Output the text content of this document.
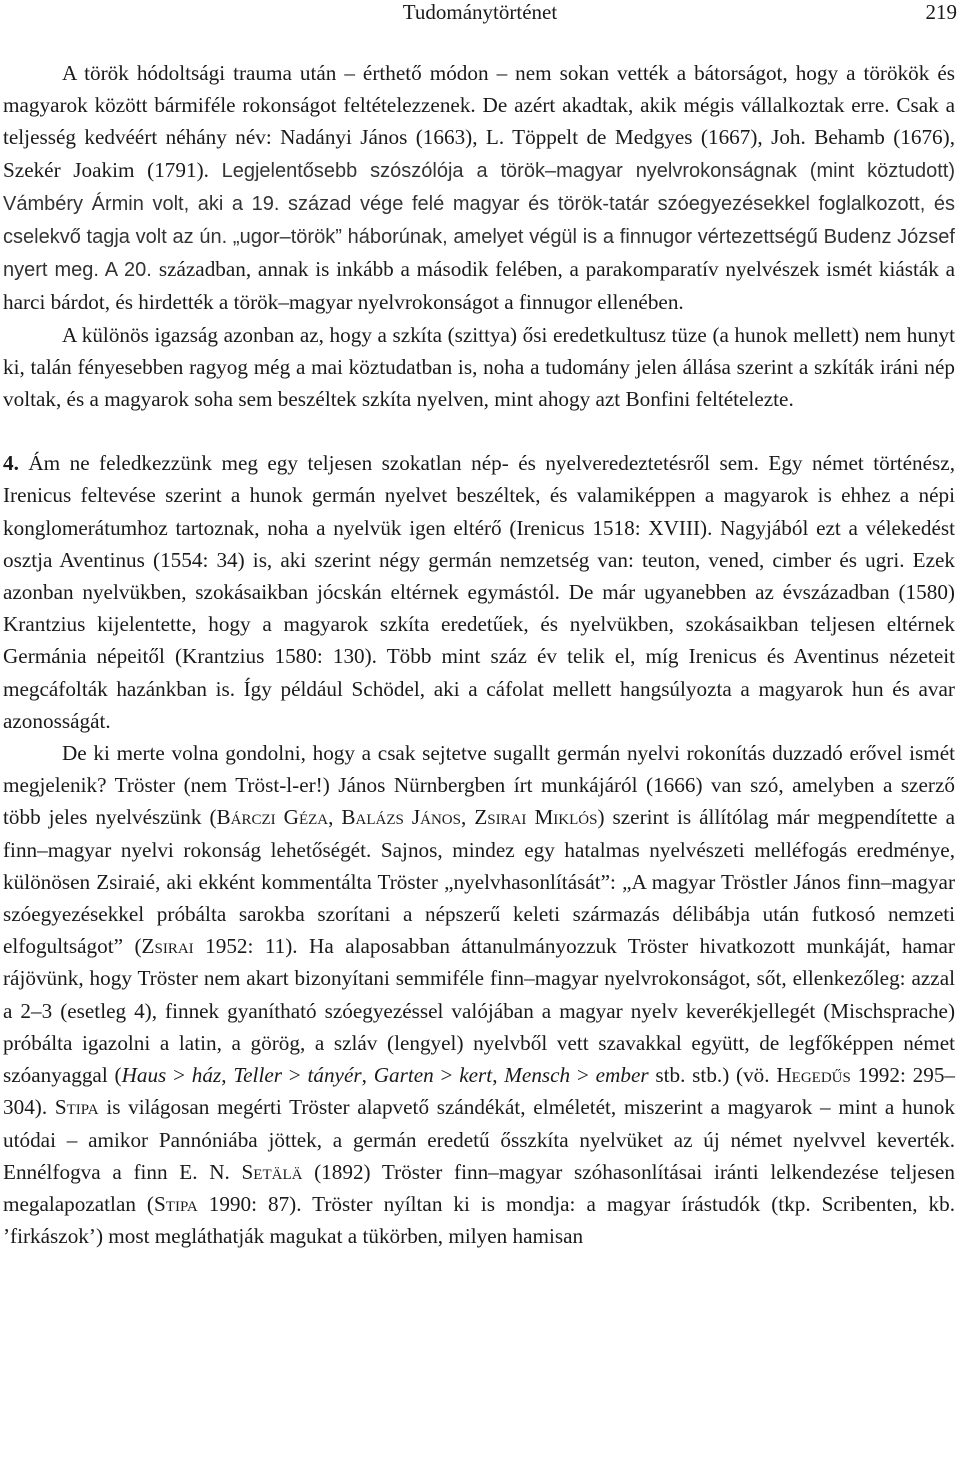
Tudománytörténet	219

A török hódoltsági trauma után – érthető módon – nem sokan vették a bátorságot, hogy a törökök és magyarok között bármiféle rokonságot feltételezzenek. De azért akadtak, akik mégis vállalkoztak erre. Csak a teljesség kedvéért néhány név: Nadányi János (1663), L. Töppelt de Medgyes (1667), Joh. Behamb (1676), Szekér Joakim (1791). Legjelentősebb szószólója a török–magyar nyelvrokonságnak (mint köztudott) Vámbéry Ármin volt, aki a 19. század vége felé magyar és török-tatár szóegyezésekkel foglalkozott, és cselekvő tagja volt az ún. „ugor–török” háborúnak, amelyet végül is a finnugor vértezettségű Budenz József nyert meg. A 20. században, annak is inkább a második felében, a parakomparatív nyelvészek ismét kiásták a harci bárdot, és hirdették a török–magyar nyelvrokonságot a finnugor ellenében.

A különös igazság azonban az, hogy a szkíta (szittya) ősi eredetkultusz tüze (a hunok mellett) nem hunyt ki, talán fényesebben ragyog még a mai köztudatban is, noha a tudomány jelen állása szerint a szkíták iráni nép voltak, és a magyarok soha sem beszéltek szkíta nyelven, mint ahogy azt Bonfini feltételezte.

4. Ám ne feledkezzünk meg egy teljesen szokatlan nép- és nyelveredeztetésről sem. Egy német történész, Irenicus feltevése szerint a hunok germán nyelvet beszéltek, és valamiképpen a magyarok is ehhez a népi konglomerátumhoz tartoznak, noha a nyelvük igen eltérő (Irenicus 1518: XVIII). Nagyjából ezt a vélekedést osztja Aventinus (1554: 34) is, aki szerint négy germán nemzetség van: teuton, vened, cimber és ugri. Ezek azonban nyelvükben, szokásaikban jócskán eltérnek egymástól. De már ugyanebben az évszázadban (1580) Krantzius kijelentette, hogy a magyarok szkíta eredetűek, és nyelvükben, szokásaikban teljesen eltérnek Germánia népeitől (Krantzius 1580: 130). Több mint száz év telik el, míg Irenicus és Aventinus nézeteit megcáfolták hazánkban is. Így például Schödel, aki a cáfolat mellett hangsúlyozta a magyarok hun és avar azonosságát.

De ki merte volna gondolni, hogy a csak sejtetve sugallt germán nyelvi rokonítás duzzadó erővel ismét megjelenik? Tröster (nem Tröst-l-er!) János Nürnbergben írt munkájáról (1666) van szó, amelyben a szerző több jeles nyelvészünk (Bárczi Géza, Balázs János, Zsirai Miklós) szerint is állítólag már megpendítette a finn–magyar nyelvi rokonság lehetőségét. Sajnos, mindez egy hatalmas nyelvészeti melléfogás eredménye, különösen Zsiraié, aki ekként kommentálta Tröster „nyelvhasonlítását”: „A magyar Tröstler János finn–magyar szóegyezésekkel próbálta sarokba szorítani a népszerű keleti származás délibábja után futkosó nemzeti elfogultságot” (Zsirai 1952: 11). Ha alaposabban áttanulmányozzuk Tröster hivatkozott munkáját, hamar rájövünk, hogy Tröster nem akart bizonyítani semmiféle finn–magyar nyelvrokonságot, sőt, ellenkezőleg: azzal a 2–3 (esetleg 4), finnek gyanítható szóegyezéssel valójában a magyar nyelv keverékjellegét (Mischsprache) próbálta igazolni a latin, a görög, a szláv (lengyel) nyelvből vett szavakkal együtt, de legfőképpen német szóanyaggal (Haus > ház, Teller > tányér, Garten > kert, Mensch > ember stb. stb.) (vö. Hegedűs 1992: 295–304). Stipa is világosan megérti Tröster alapvető szándékát, elméletét, miszerint a magyarok – mint a hunok utódai – amikor Pannóniába jöttek, a germán eredetű ősszkíta nyelvüket az új német nyelvvel keverték. Ennélfogva a finn E. N. Setälä (1892) Tröster finn–magyar szóhasonlításai iránti lelkendezése teljesen megalapozatlan (Stipa 1990: 87). Tröster nyíltan ki is mondja: a magyar írástudók (tkp. Scribenten, kb. ’firkászok’) most megláthatják magukat a tükörben, milyen hamisan
